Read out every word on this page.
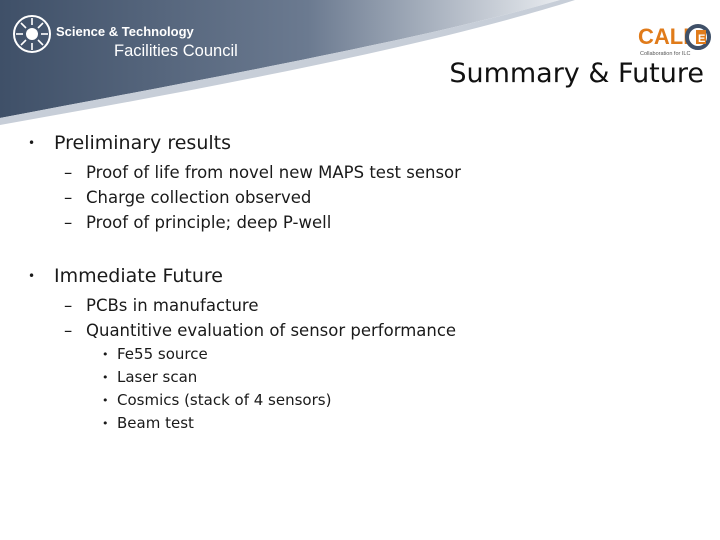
Science & Technology
Facilities Council
CALI E
Collaboration for ILC
Summary & Future

• Preliminary results

– Proof of life from novel new MAPS test sensor
– Charge collection observed
– Proof of principle; deep P-well

• Immediate Future

– PCBs in manufacture
– Quantitive evaluation of sensor performance
• Fe55 source
• Laser scan
• Cosmics (stack of 4 sensors)
• Beam test
